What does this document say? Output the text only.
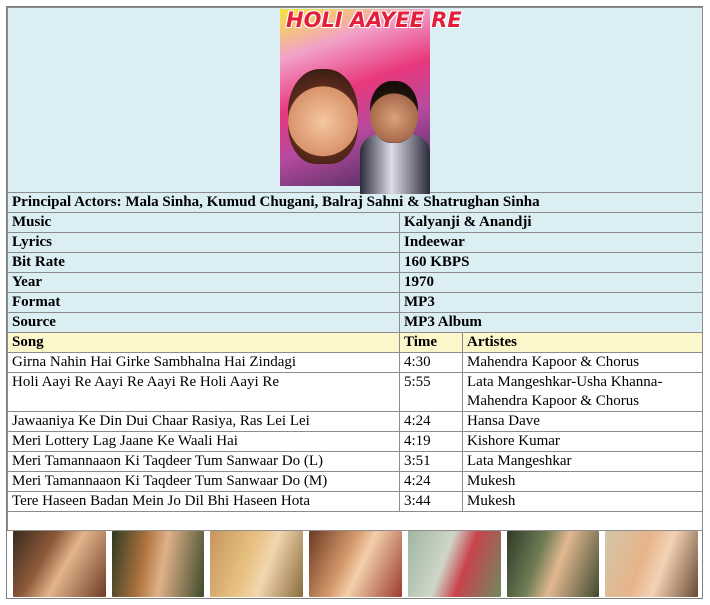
HOLI AAYEE RE		

Principal Actors: Mala Sinha, Kumud Chugani, Balraj Sahni & Shatrughan Sinha		
Music	Kalyanji & Anandji	
Lyrics	Indeewar	
Bit Rate	160 KBPS	
Year	1970	
Format	MP3	
Source	MP3 Album	
Song	Time	Artistes
Girna Nahin Hai Girke Sambhalna Hai Zindagi	4:30	Mahendra Kapoor & Chorus
Holi Aayi Re Aayi Re Aayi Re Holi Aayi Re	5:55	Lata Mangeshkar-Usha Khanna-Mahendra Kapoor & Chorus
Jawaaniya Ke Din Dui Chaar Rasiya, Ras Lei Lei	4:24	Hansa Dave
Meri Lottery Lag Jaane Ke Waali Hai	4:19	Kishore Kumar
Meri Tamannaaon Ki Taqdeer Tum Sanwaar Do (L)	3:51	Lata Mangeshkar
Meri Tamannaaon Ki Taqdeer Tum Sanwaar Do (M)	4:24	Mukesh
Tere Haseen Badan Mein Jo Dil Bhi Haseen Hota	3:44	Mukesh
